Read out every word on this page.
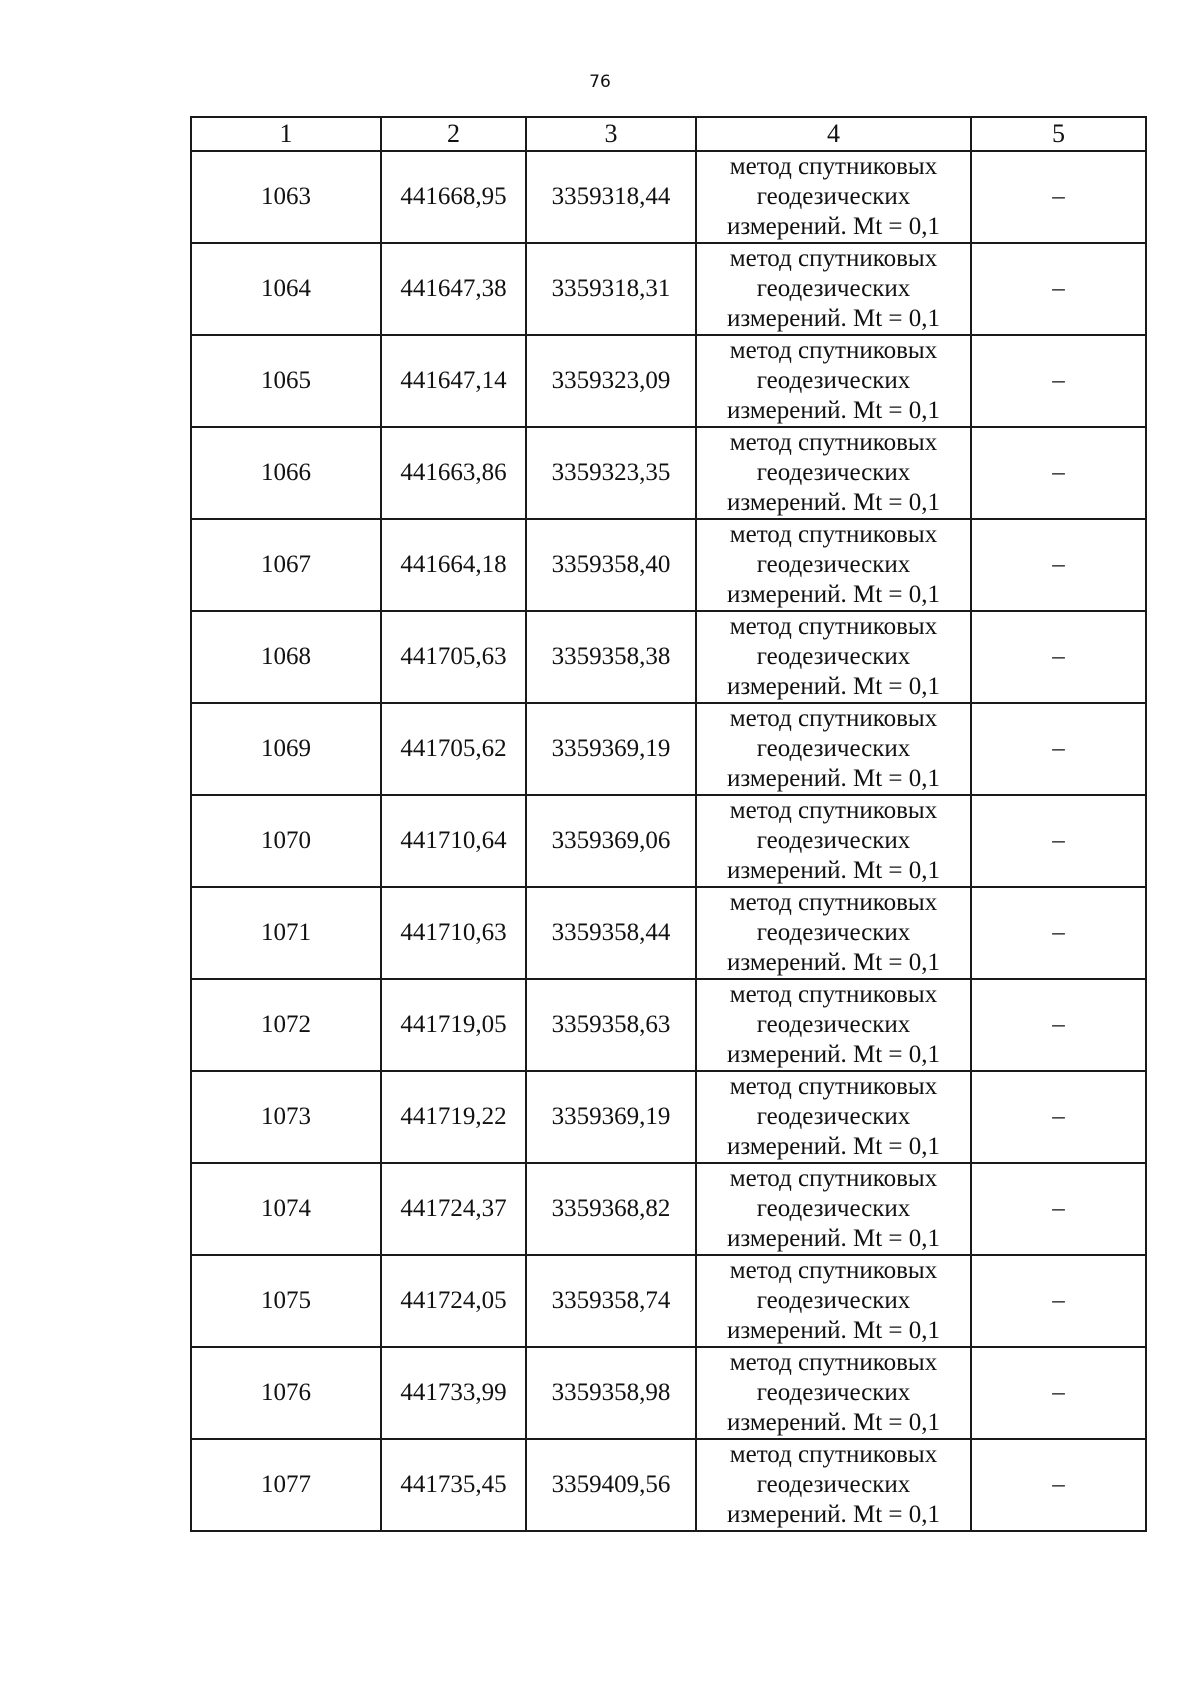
76
1	2	3	4	5
1063	441668,95	3359318,44	метод спутниковых
геодезических
измерений. Mt = 0,1	–
1064	441647,38	3359318,31	метод спутниковых
геодезических
измерений. Mt = 0,1	–
1065	441647,14	3359323,09	метод спутниковых
геодезических
измерений. Mt = 0,1	–
1066	441663,86	3359323,35	метод спутниковых
геодезических
измерений. Mt = 0,1	–
1067	441664,18	3359358,40	метод спутниковых
геодезических
измерений. Mt = 0,1	–
1068	441705,63	3359358,38	метод спутниковых
геодезических
измерений. Mt = 0,1	–
1069	441705,62	3359369,19	метод спутниковых
геодезических
измерений. Mt = 0,1	–
1070	441710,64	3359369,06	метод спутниковых
геодезических
измерений. Mt = 0,1	–
1071	441710,63	3359358,44	метод спутниковых
геодезических
измерений. Mt = 0,1	–
1072	441719,05	3359358,63	метод спутниковых
геодезических
измерений. Mt = 0,1	–
1073	441719,22	3359369,19	метод спутниковых
геодезических
измерений. Mt = 0,1	–
1074	441724,37	3359368,82	метод спутниковых
геодезических
измерений. Mt = 0,1	–
1075	441724,05	3359358,74	метод спутниковых
геодезических
измерений. Mt = 0,1	–
1076	441733,99	3359358,98	метод спутниковых
геодезических
измерений. Mt = 0,1	–
1077	441735,45	3359409,56	метод спутниковых
геодезических
измерений. Mt = 0,1	–
